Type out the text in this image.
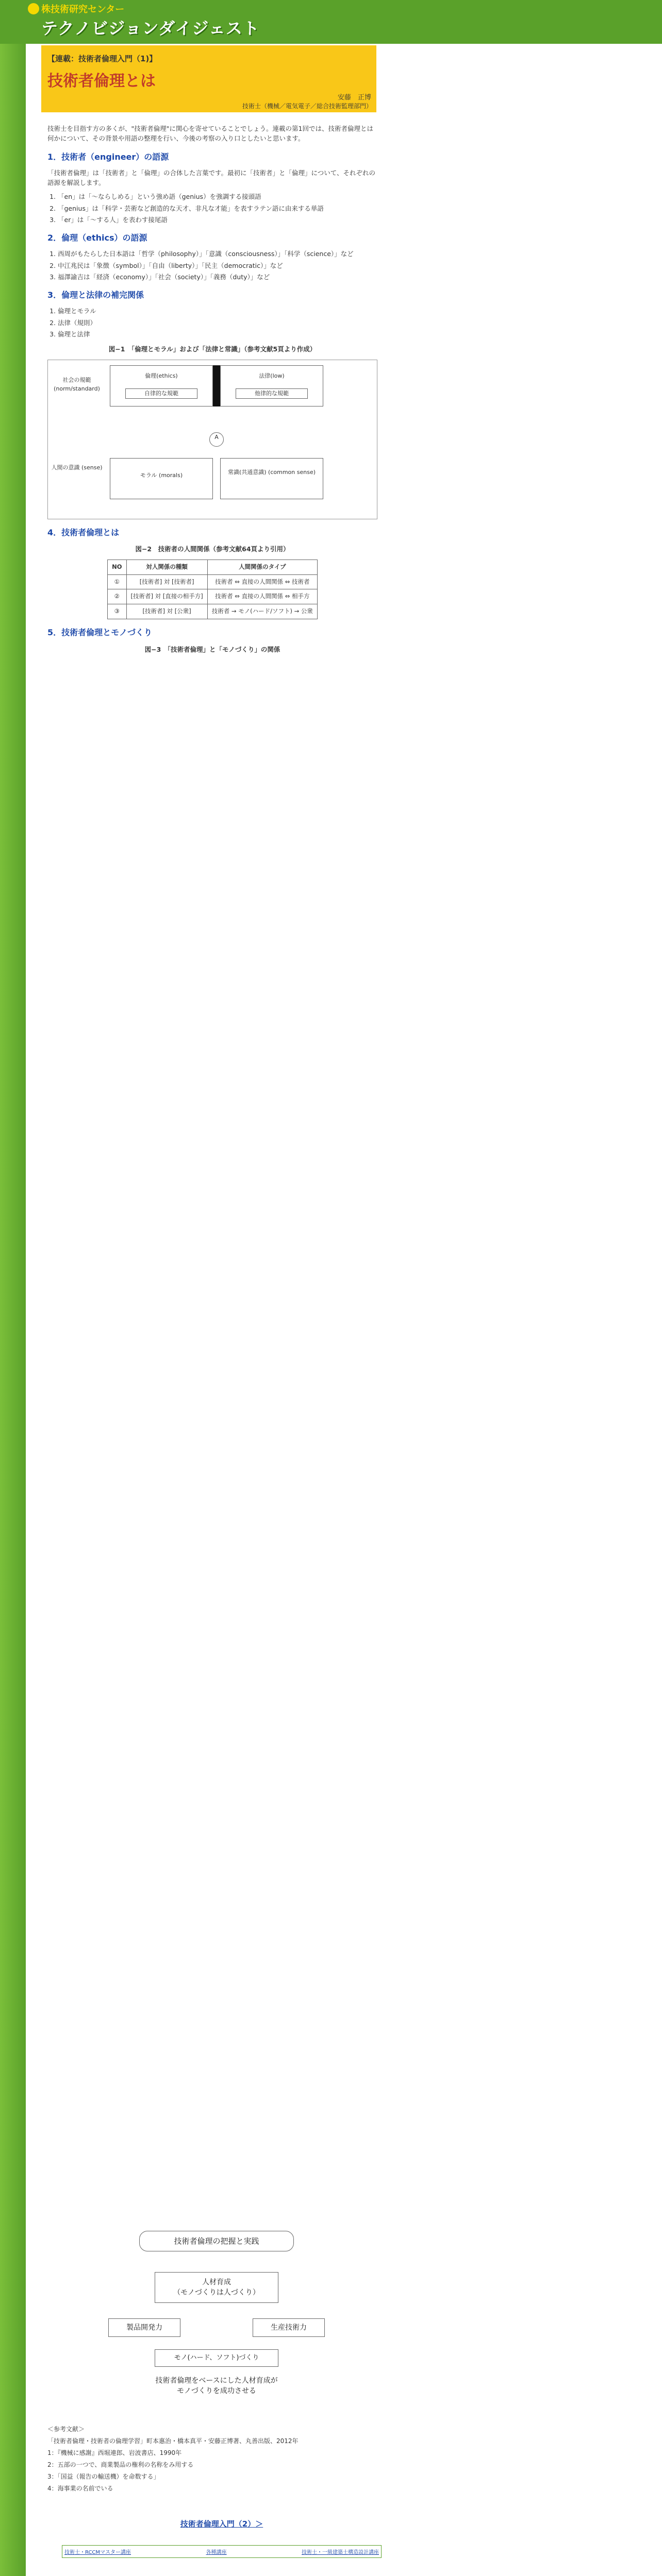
株技術研究センター
テクノビジョンダイジェスト
【連載：技術者倫理入門（1)】
技術者倫理とは
安藤　正博
技術士（機械／電気電子／総合技術監理部門）

技術士を目指す方の多くが、"技術者倫理"に関心を寄せていることでしょう。連載の第1回では、技術者倫理とは何かについて、その背景や用語の整理を行い、今後の考察の入り口としたいと思います。

1．技術者（engineer）の語源

「技術者倫理」は「技術者」と「倫理」の合体した言葉です。最初に「技術者」と「倫理」について、それぞれの語源を解説します。

1. 「en」は「〜ならしめる」という強め語（genius）を強調する接頭語
2. 「genius」は「科学・芸術など創造的な天才、非凡な才能」を表すラテン語に由来する単語
3. 「er」は「〜する人」を表わす接尾語
2．倫理（ethics）の語源
1. 西周がもたらした日本語は「哲学（philosophy）」「意識（consciousness）」「科学（science）」など
2. 中江兆民は「象徴（symbol）」「自由（liberty）」「民主（democratic）」など
3. 福澤諭吉は「経済（economy）」「社会（society）」「義務（duty）」など
3．倫理と法律の補完関係
1. 倫理とモラル
2. 法律（規則）
3. 倫理と法律
図−1　「倫理とモラル」および「法律と常識」（参考文献5頁より作成）
社会の規範 (norm/standard)
倫理(ethics)
自律的な規範
法律(low)
他律的な規範
A
人間の意識 (sense)
モラル (morals)	常識(共通意識) (common sense)
4．技術者倫理とは
図−2　技術者の人間関係（参考文献64頁より引用）
NO	対人関係の種類	人間関係のタイプ
①	[技術者] 対 [技術者]	技術者 ⇔ 直接の人間関係 ⇔ 技術者
②	[技術者] 対 [直接の相手方]	技術者 ⇔ 直接の人間関係 ⇔ 相手方
③	[技術者] 対 [公衆]	技術者 → モノ(ハード/ソフト) → 公衆
5．技術者倫理とモノづくり
図−3　「技術者倫理」と「モノづくり」の関係
技術者倫理の把握と実践
人材育成
（モノづくりは人づくり）
製品開発力	生産技術力
モノ(ハード、ソフト)づくり
技術者倫理をベースにした人材育成が
モノづくりを成功させる
＜参考文献＞
「技術者倫理・技術者の倫理学習」町本惠治・橋本真平・安藤正博著、丸善出版、2012年
1：『機械に感謝』西堀連郎、岩波書店、1990年
2：五部の一つで、商業製品の権利の名称をみ用する
3：「国益（報告の輸送機）を命数する」
4：海事業の名前でいる
技術者倫理入門（2）＞
技術士・RCCMマスター講座	各種講座	技術士・一級建築士構造設計講座
